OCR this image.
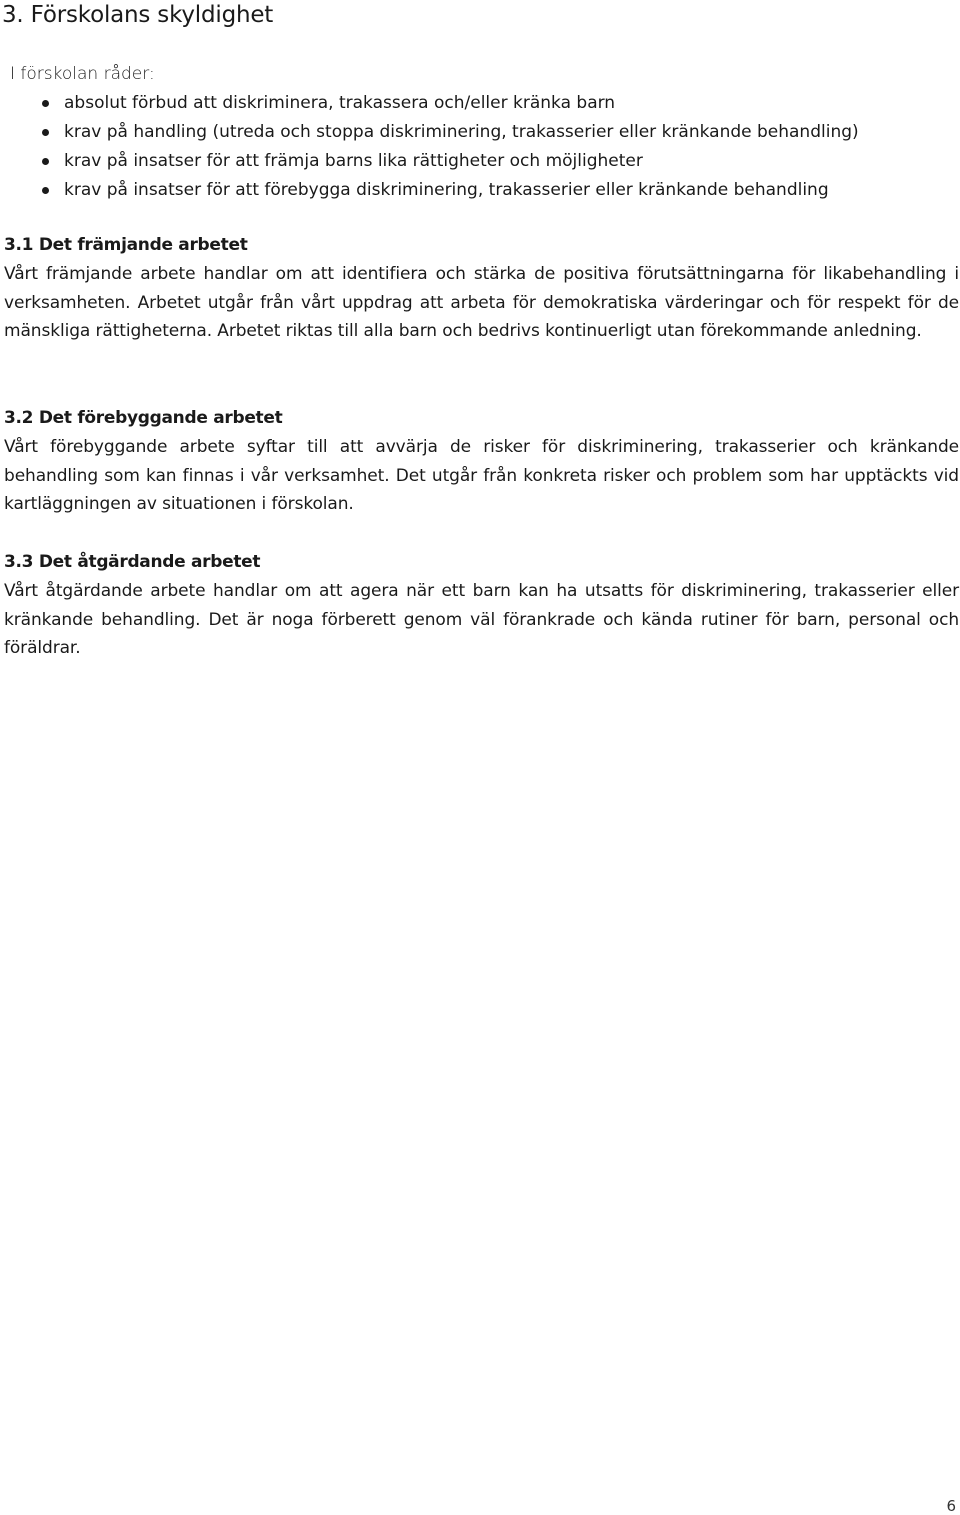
3. Förskolans skyldighet

I förskolan råder:

absolut förbud att diskriminera, trakassera och/eller kränka barn
krav på handling (utreda och stoppa diskriminering, trakasserier eller kränkande behandling)
krav på insatser för att främja barns lika rättigheter och möjligheter
krav på insatser för att förebygga diskriminering, trakasserier eller kränkande behandling
3.1 Det främjande arbetet

Vårt främjande arbete handlar om att identifiera och stärka de positiva förutsättningarna för likabehandling i verksamheten. Arbetet utgår från vårt uppdrag att arbeta för demokratiska värderingar och för respekt för de mänskliga rättigheterna. Arbetet riktas till alla barn och bedrivs kontinuerligt utan förekommande anledning.

3.2 Det förebyggande arbetet

Vårt förebyggande arbete syftar till att avvärja de risker för diskriminering, trakasserier och kränkande behandling som kan finnas i vår verksamhet. Det utgår från konkreta risker och problem som har upptäckts vid kartläggningen av situationen i förskolan.

3.3 Det åtgärdande arbetet

Vårt åtgärdande arbete handlar om att agera när ett barn kan ha utsatts för diskriminering, trakasserier eller kränkande behandling. Det är noga förberett genom väl förankrade och kända rutiner för barn, personal och föräldrar.

6
